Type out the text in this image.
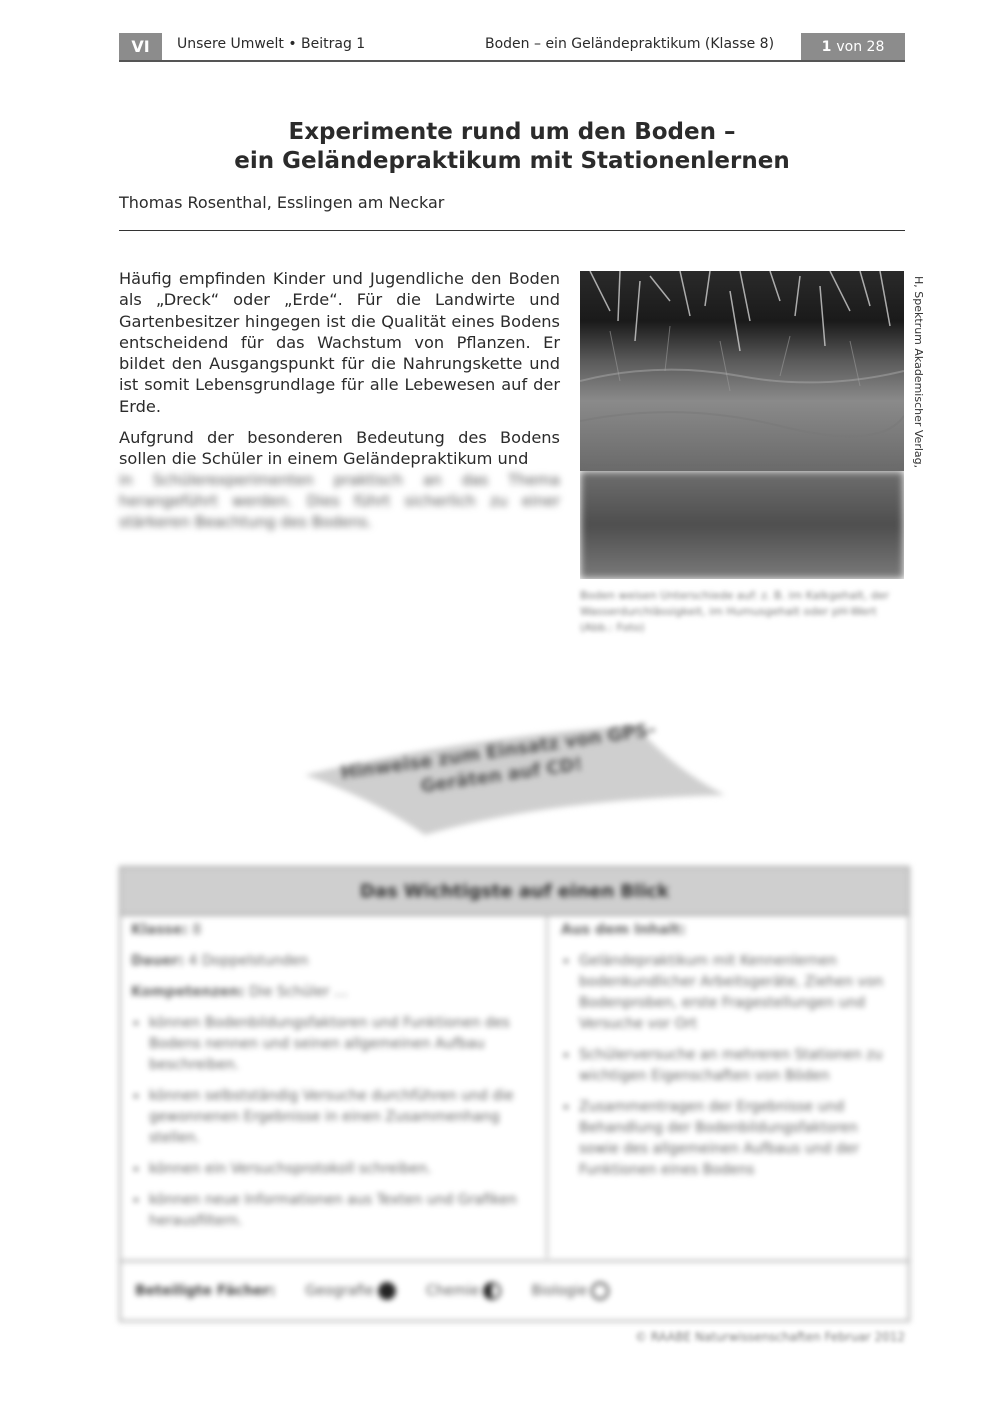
VI	Unsere Umwelt • Beitrag 1	Boden – ein Geländepraktikum (Klasse 8)	1 von 28
Experimente rund um den Boden –
ein Geländepraktikum mit Stationenlernen
Thomas Rosenthal, Esslingen am Neckar

Häufig empfinden Kinder und Jugendliche den Boden als „Dreck“ oder „Erde“. Für die Landwirte und Gartenbesitzer hingegen ist die Qualität eines Bodens entscheidend für das Wachstum von Pflanzen. Er bildet den Ausgangspunkt für die Nahrungskette und ist somit Lebensgrundlage für alle Lebewesen auf der Erde.

Aufgrund der besonderen Bedeutung des Bodens sollen die Schüler in einem Geländepraktikum und

in Schülerexperimenten praktisch an das Thema herangeführt werden. Dies führt sicherlich zu einer stärkeren Beachtung des Bodens.
H, Spektrum Akademischer Verlag,
Boden weisen Unterschiede auf: z. B. im Kalkgehalt, der Wasserdurchlässigkeit, im Humusgehalt oder pH-Wert (Abb.: Foto)
Hinweise zum Einsatz von GPS-Geräten auf CD!
Das Wichtigste auf einen Blick

Klasse: 8

Dauer: 4 Doppelstunden

Kompetenzen: Die Schüler …

• können Bodenbildungsfaktoren und Funktionen des Bodens nennen und seinen allgemeinen Aufbau beschreiben.
• können selbstständig Versuche durchführen und die gewonnenen Ergebnisse in einen Zusammenhang stellen.
• können ein Versuchsprotokoll schreiben.
• können neue Informationen aus Texten und Grafiken herausfiltern.

Aus dem Inhalt:

• Geländepraktikum mit Kennenlernen bodenkundlicher Arbeitsgeräte, Ziehen von Bodenproben, erste Fragestellungen und Versuche vor Ort
• Schülerversuche an mehreren Stationen zu wichtigen Eigenschaften von Böden
• Zusammentragen der Ergebnisse und Behandlung der Bodenbildungsfaktoren sowie des allgemeinen Aufbaus und der Funktionen eines Bodens
Beteiligte Fächer: Geografie	Chemie	Biologie
© RAABE Naturwissenschaften Februar 2012
